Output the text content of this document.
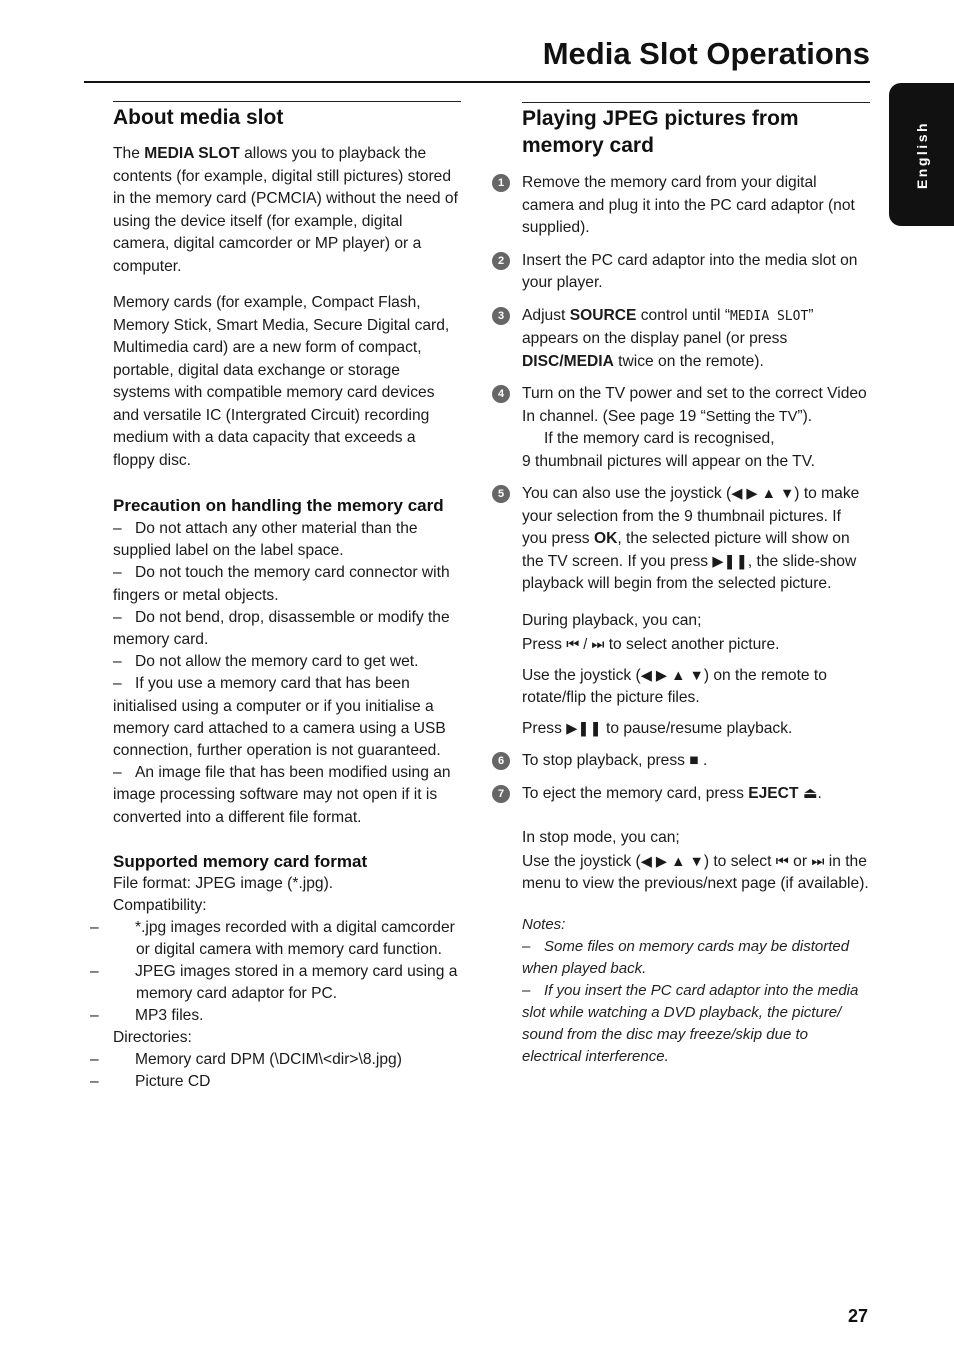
Media Slot Operations
English
About media slot

The MEDIA SLOT allows you to playback the contents (for example, digital still pictures) stored in the memory card (PCMCIA) without the need of using the device itself (for example, digital camera, digital camcorder or MP player) or a computer.

Memory cards (for example, Compact Flash, Memory Stick, Smart Media, Secure Digital card, Multimedia card) are a new form of compact, portable, digital data exchange or storage systems with compatible memory card devices and versatile IC (Intergrated Circuit) recording medium with a data capacity that exceeds a floppy disc.

Precaution on handling the memory card

– Do not attach any other material than the supplied label on the label space.

– Do not touch the memory card connector with fingers or metal objects.

– Do not bend, drop, disassemble or modify the memory card.

– Do not allow the memory card to get wet.

– If you use a memory card that has been initialised using a computer or if you initialise a memory card attached to a camera using a USB connection, further operation is not guaranteed.

– An image file that has been modified using an image processing software may not open if it is converted into a different file format.

Supported memory card format

File format: JPEG image (*.jpg).

Compatibility:

– *.jpg images recorded with a digital camcorder or digital camera with memory card function.

– JPEG images stored in a memory card using a memory card adaptor for PC.

– MP3 files.

Directories:

– Memory card DPM (\DCIM\<dir>\8.jpg)

– Picture CD

Playing JPEG pictures from memory card
1	Remove the memory card from your digital camera and plug it into the PC card adaptor (not supplied).

2	Insert the PC card adaptor into the media slot on your player.

3	Adjust SOURCE control until “MEDIA SLOT” appears on the display panel (or press DISC/MEDIA twice on the remote).

4	Turn on the TV power and set to the correct Video In channel. (See page 19 “Setting the TV”).

If the memory card is recognised,

9 thumbnail pictures will appear on the TV.

5	You can also use the joystick (◀ ▶ ▲ ▼) to make your selection from the 9 thumbnail pictures. If you press OK, the selected picture will show on the TV screen. If you press ▶❚❚, the slide-show playback will begin from the selected picture.

During playback, you can;

Press ⏮ / ⏭ to select another picture.

Use the joystick (◀ ▶ ▲ ▼) on the remote to rotate/flip the picture files.

Press ▶❚❚ to pause/resume playback.

6	To stop playback, press ■ .

7	To eject the memory card, press EJECT ⏏.

In stop mode, you can;

Use the joystick (◀ ▶ ▲ ▼) to select ⏮ or ⏭ in the menu to view the previous/next page (if available).

Notes:

– Some files on memory cards may be distorted when played back.

– If you insert the PC card adaptor into the media slot while watching a DVD playback, the picture/ sound from the disc may freeze/skip due to electrical interference.

27
